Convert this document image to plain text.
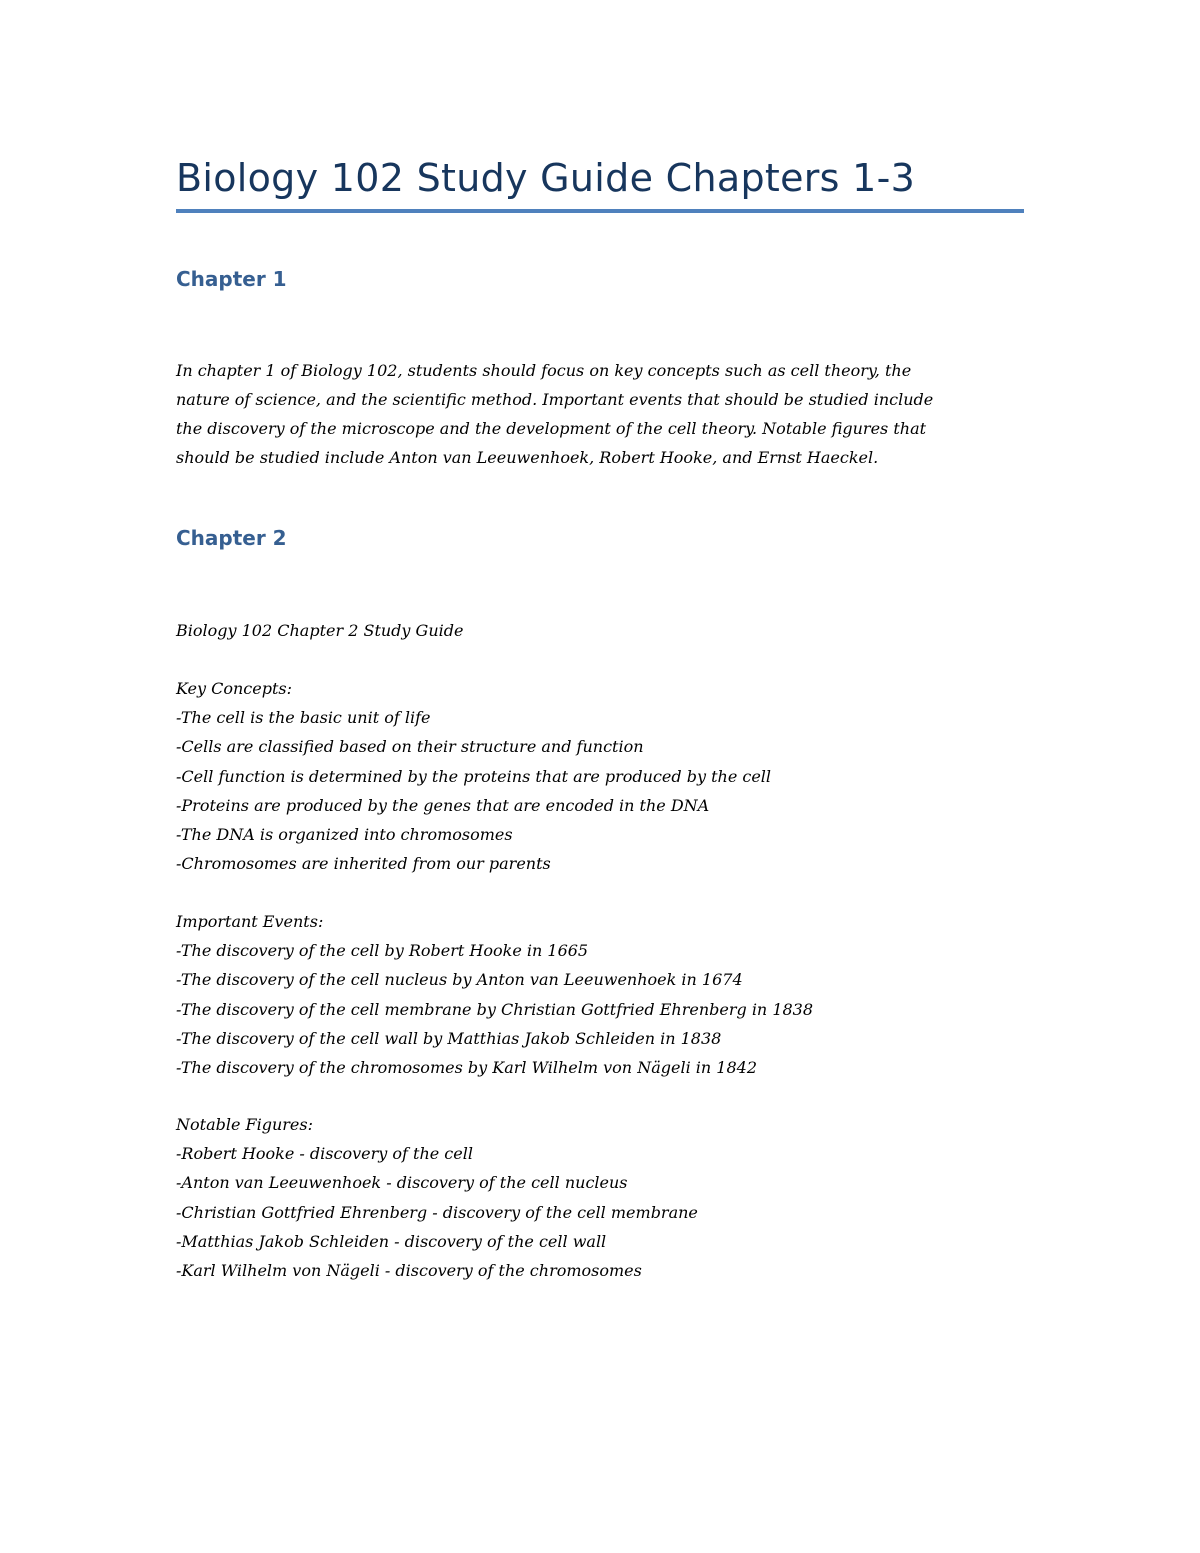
Biology 102 Study Guide Chapters 1-3
Chapter 1
In chapter 1 of Biology 102, students should focus on key concepts such as cell theory, the
nature of science, and the scientific method. Important events that should be studied include
the discovery of the microscope and the development of the cell theory. Notable figures that
should be studied include Anton van Leeuwenhoek, Robert Hooke, and Ernst Haeckel.
Chapter 2
Biology 102 Chapter 2 Study Guide
Key Concepts:
-The cell is the basic unit of life
-Cells are classified based on their structure and function
-Cell function is determined by the proteins that are produced by the cell
-Proteins are produced by the genes that are encoded in the DNA
-The DNA is organized into chromosomes
-Chromosomes are inherited from our parents
Important Events:
-The discovery of the cell by Robert Hooke in 1665
-The discovery of the cell nucleus by Anton van Leeuwenhoek in 1674
-The discovery of the cell membrane by Christian Gottfried Ehrenberg in 1838
-The discovery of the cell wall by Matthias Jakob Schleiden in 1838
-The discovery of the chromosomes by Karl Wilhelm von Nägeli in 1842
Notable Figures:
-Robert Hooke - discovery of the cell
-Anton van Leeuwenhoek - discovery of the cell nucleus
-Christian Gottfried Ehrenberg - discovery of the cell membrane
-Matthias Jakob Schleiden - discovery of the cell wall
-Karl Wilhelm von Nägeli - discovery of the chromosomes
